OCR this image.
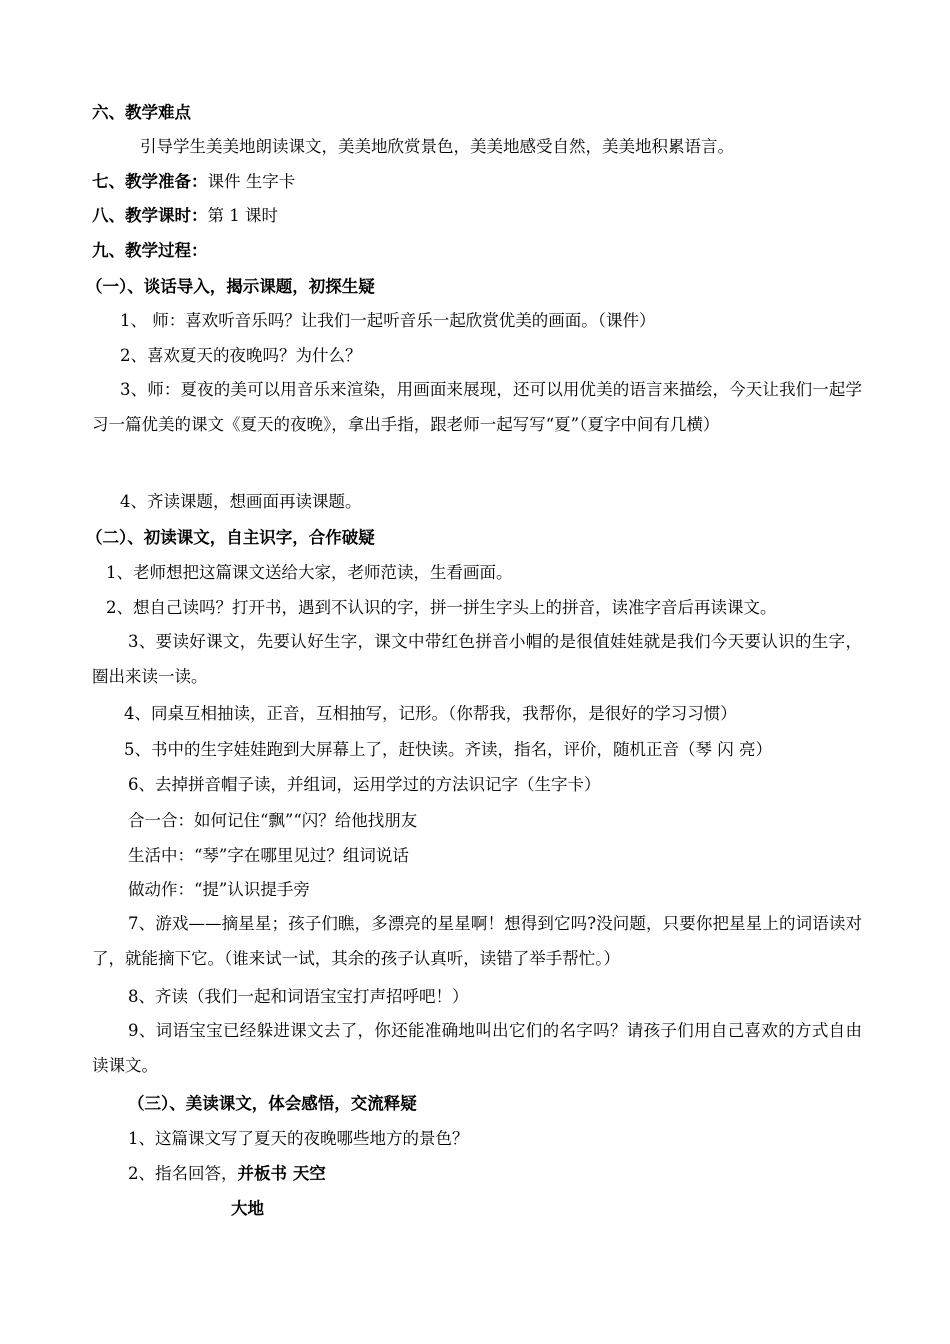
六、教学难点
引导学生美美地朗读课文，美美地欣赏景色，美美地感受自然，美美地积累语言。
七、教学准备：课件 生字卡
八、教学课时：第 1 课时
九、教学过程：
（一）、谈话导入，揭示课题，初探生疑
1、 师：喜欢听音乐吗？让我们一起听音乐一起欣赏优美的画面。（课件）
2、喜欢夏天的夜晚吗？为什么？
3、师：夏夜的美可以用音乐来渲染，用画面来展现，还可以用优美的语言来描绘，今天让我们一起学习一篇优美的课文《夏天的夜晚》，拿出手指，跟老师一起写写“夏”（夏字中间有几横）
4、齐读课题，想画面再读课题。
（二）、初读课文，自主识字，合作破疑
1、老师想把这篇课文送给大家，老师范读，生看画面。
2、想自己读吗？打开书，遇到不认识的字，拼一拼生字头上的拼音，读准字音后再读课文。
3、要读好课文，先要认好生字，课文中带红色拼音小帽的是很值娃娃就是我们今天要认识的生字，圈出来读一读。
4、同桌互相抽读，正音，互相抽写，记形。（你帮我，我帮你，是很好的学习习惯）
5、书中的生字娃娃跑到大屏幕上了，赶快读。齐读，指名，评价，随机正音（琴 闪 亮）
6、去掉拼音帽子读，并组词，运用学过的方法识记字（生字卡）
合一合：如何记住“飘”“闪？给他找朋友
生活中：“琴”字在哪里见过？组词说话
做动作：“提”认识提手旁
7、游戏——摘星星；孩子们瞧，多漂亮的星星啊！想得到它吗?没问题，只要你把星星上的词语读对了，就能摘下它。（谁来试一试，其余的孩子认真听，读错了举手帮忙。）
8、齐读（我们一起和词语宝宝打声招呼吧！）
9、词语宝宝已经躲进课文去了，你还能准确地叫出它们的名字吗？请孩子们用自己喜欢的方式自由读课文。
（三）、美读课文，体会感悟，交流释疑
1、这篇课文写了夏天的夜晚哪些地方的景色？
2、指名回答，并板书 天空
大地
